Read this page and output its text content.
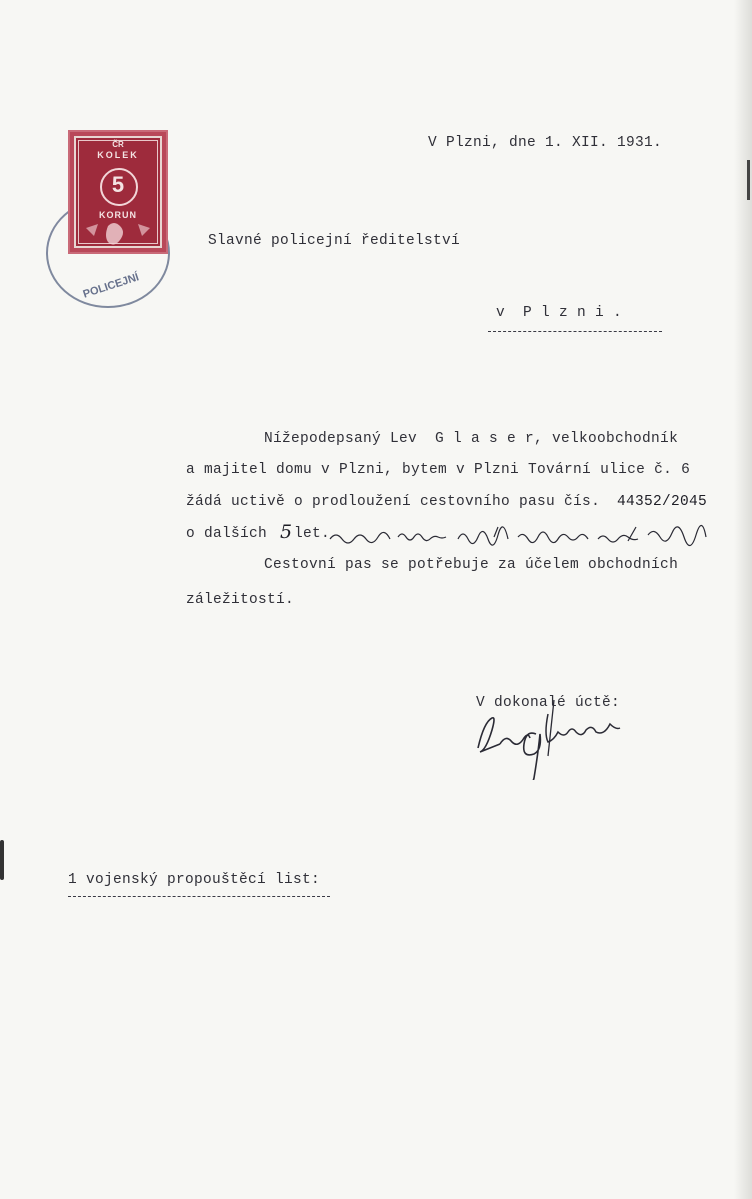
POLICEJNÍ
ČR
KOLEK
5
KORUN
V Plzni, dne 1. XII. 1931.
Slavné policejní ředitelství
v  P l z n i .
Nížepodepsaný Lev  G l a s e r, velkoobchodník
a majitel domu v Plzni, bytem v Plzni Tovární ulice č. 6
žádá uctivě o prodloužení cestovního pasu čís. 44352/2045
o dalších 5 let.
Cestovní pas se potřebuje za účelem obchodních
záležitostí.
V dokonalé úctě:
1 vojenský propouštěcí list:
